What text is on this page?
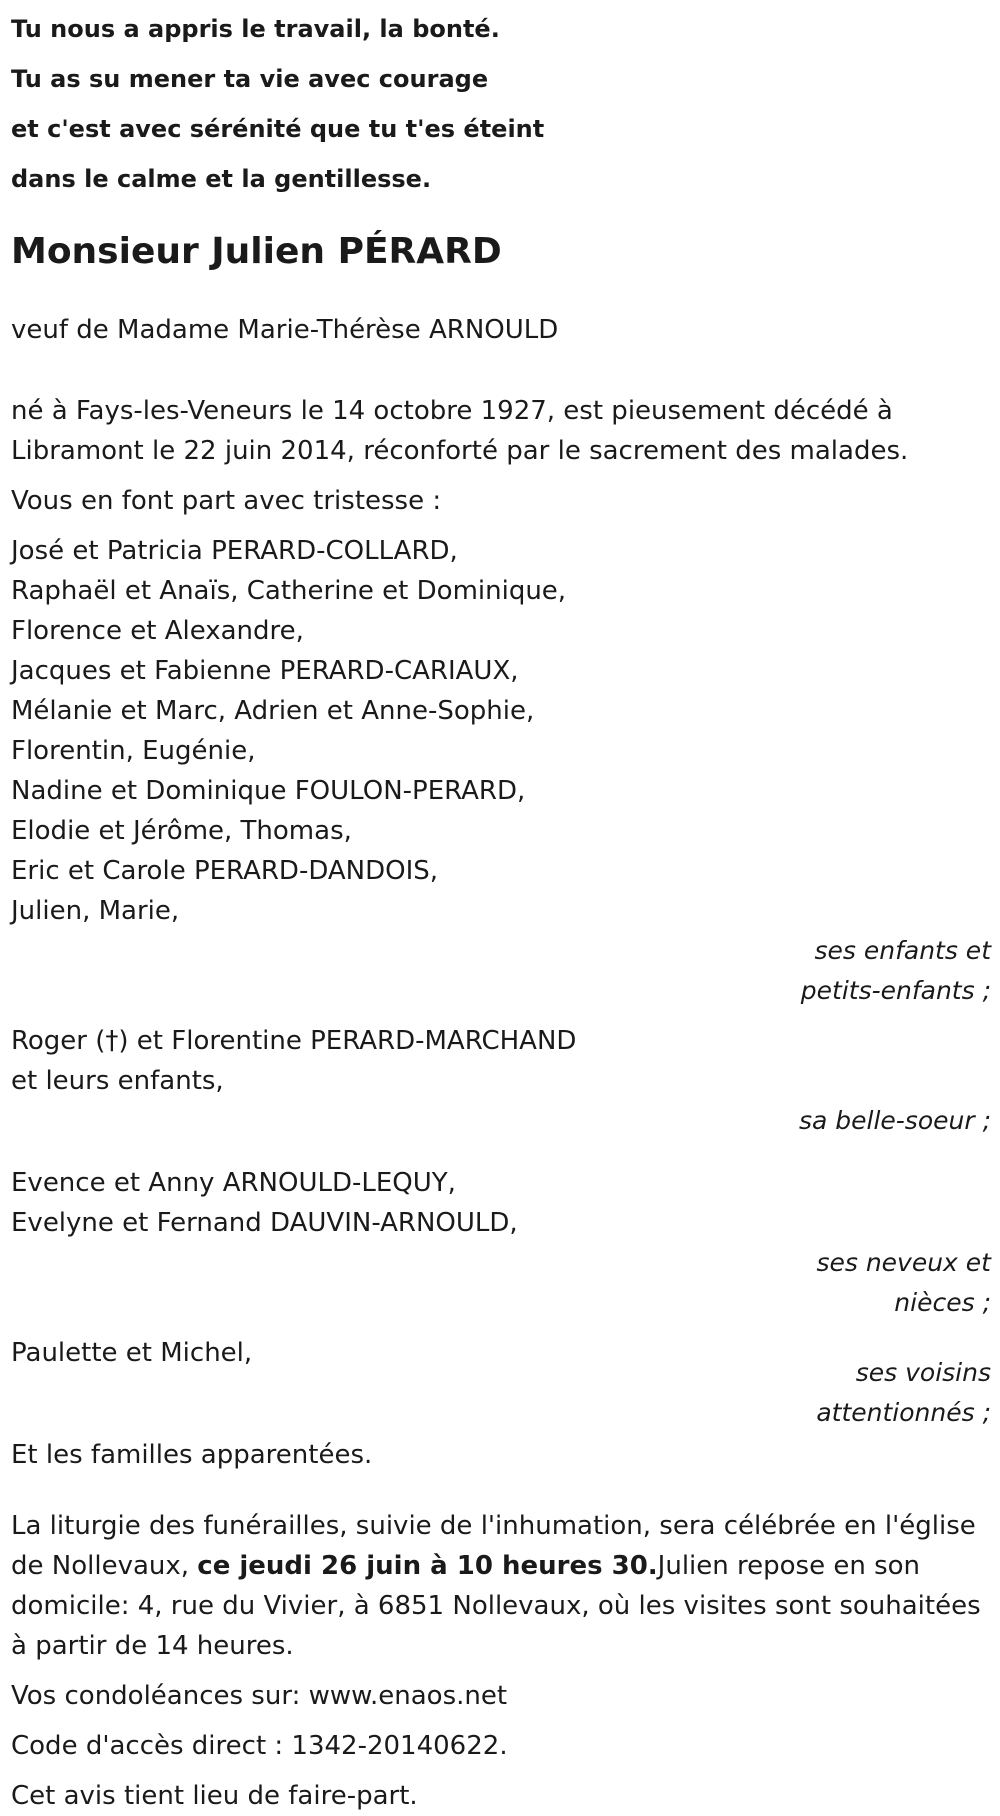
Tu nous a appris le travail, la bonté.
Tu as su mener ta vie avec courage
et c'est avec sérénité que tu t'es éteint
dans le calme et la gentillesse.
Monsieur Julien PÉRARD
veuf de Madame Marie-Thérèse ARNOULD
né à Fays-les-Veneurs le 14 octobre 1927, est pieusement décédé à
Libramont le 22 juin 2014, réconforté par le sacrement des malades.
Vous en font part avec tristesse :
José et Patricia PERARD-COLLARD,
Raphaël et Anaïs, Catherine et Dominique,
Florence et Alexandre,
Jacques et Fabienne PERARD-CARIAUX,
Mélanie et Marc, Adrien et Anne-Sophie,
Florentin, Eugénie,
Nadine et Dominique FOULON-PERARD,
Elodie et Jérôme, Thomas,
Eric et Carole PERARD-DANDOIS,
Julien, Marie,
ses enfants et
petits-enfants ;
Roger (†) et Florentine PERARD-MARCHAND
et leurs enfants,
sa belle-soeur ;
Evence et Anny ARNOULD-LEQUY,
Evelyne et Fernand DAUVIN-ARNOULD,
ses neveux et
nièces ;
Paulette et Michel,
ses voisins
attentionnés ;
Et les familles apparentées.
La liturgie des funérailles, suivie de l'inhumation, sera célébrée en l'église
de Nollevaux, ce jeudi 26 juin à 10 heures 30.Julien repose en son
domicile: 4, rue du Vivier, à 6851 Nollevaux, où les visites sont souhaitées
à partir de 14 heures.
Vos condoléances sur: www.enaos.net
Code d'accès direct : 1342-20140622.
Cet avis tient lieu de faire-part.
